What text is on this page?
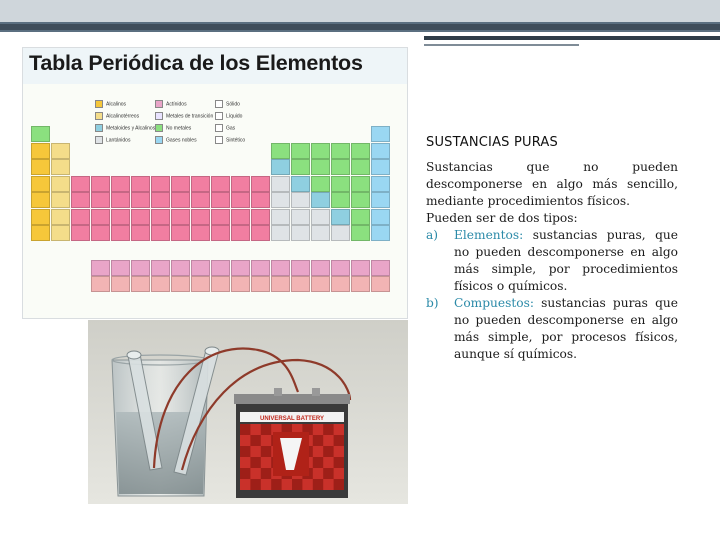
Tabla Periódica de los Elementos
Alcalinos	Actínidos	Sólido
Alcalinotérreos	Metales de transición	Líquido
Metaloides y Alcalinos	No metales	Gas
Lantánidos	Gases nobles	Sintético
UNIVERSAL BATTERY
SUSTANCIAS PURAS

Sustancias que no pueden descomponerse en algo más sencillo, mediante procedimientos físicos.

Pueden ser de dos tipos:

a) Elementos: sustancias puras, que no pueden descomponerse en algo más simple, por procedimientos físicos o químicos.
b) Compuestos: sustancias puras que no pueden descomponerse en algo más simple, por procesos físicos, aunque sí químicos.
